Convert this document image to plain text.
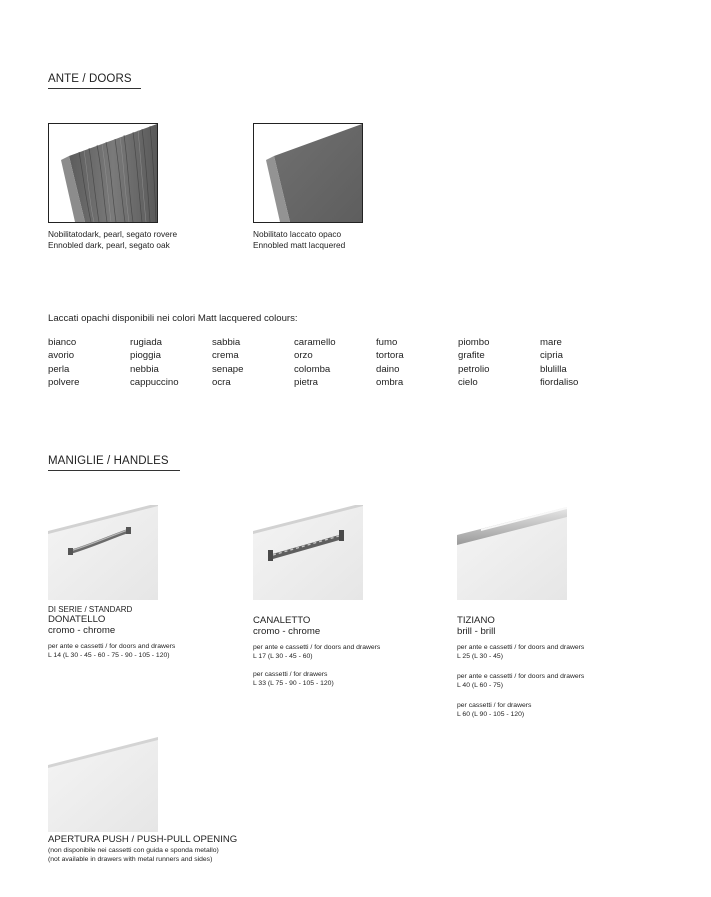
ANTE / DOORS
Nobilitatodark, pearl, segato rovere
Ennobled dark, pearl, segato oak
Nobilitato laccato opaco
Ennobled matt lacquered
Laccati opachi disponibili nei colori Matt lacquered colours:
bianco
avorio
perla
polvere
rugiada
pioggia
nebbia
cappuccino
sabbia
crema
senape
ocra
caramello
orzo
colomba
pietra
fumo
tortora
daino
ombra
piombo
grafite
petrolio
cielo
mare
cipria
blulilla
fiordaliso
MANIGLIE / HANDLES
DI SERIE / STANDARD
DONATELLO
cromo - chrome
per ante e cassetti / for doors and drawers
L 14 (L 30 - 45 - 60 - 75 - 90 - 105 - 120)
CANALETTO
cromo - chrome
per ante e cassetti / for doors and drawers
L 17 (L 30 - 45 - 60)
per cassetti / for drawers
L 33 (L 75 - 90 - 105 - 120)
TIZIANO
brill - brill
per ante e cassetti / for doors and drawers
L 25 (L 30 - 45)
per ante e cassetti / for doors and drawers
L 40 (L 60 - 75)
per cassetti / for drawers
L 60 (L 90 - 105 - 120)
APERTURA PUSH / PUSH-PULL OPENING
(non disponibile nei cassetti con guida e sponda metallo)
(not available in drawers with metal runners and sides)
